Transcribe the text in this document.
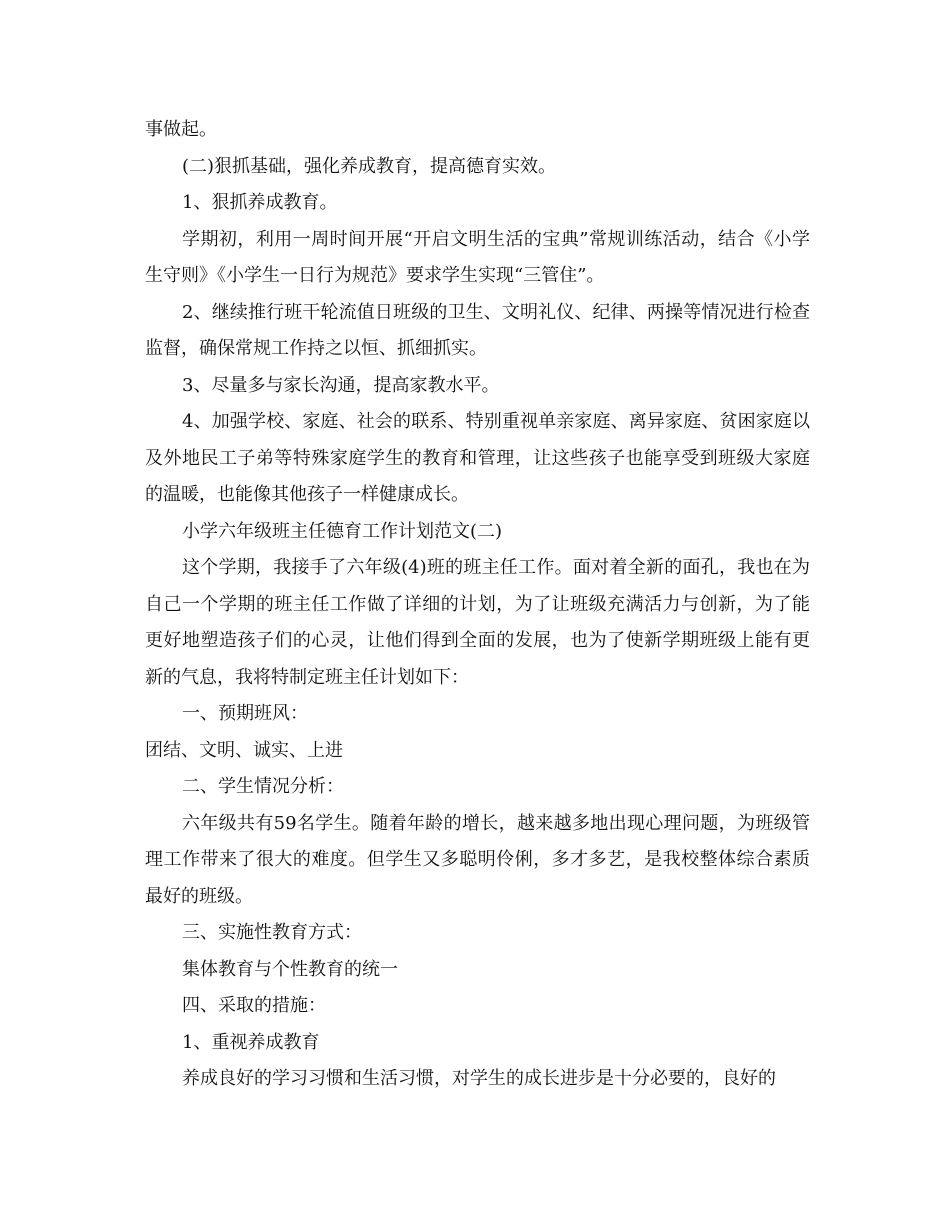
事做起。

(二)狠抓基础，强化养成教育，提高德育实效。

1、狠抓养成教育。

学期初，利用一周时间开展“开启文明生活的宝典”常规训练活动，结合《小学生守则》《小学生一日行为规范》要求学生实现“三管住”。

2、继续推行班干轮流值日班级的卫生、文明礼仪、纪律、两操等情况进行检查监督，确保常规工作持之以恒、抓细抓实。

3、尽量多与家长沟通，提高家教水平。

4、加强学校、家庭、社会的联系、特别重视单亲家庭、离异家庭、贫困家庭以及外地民工子弟等特殊家庭学生的教育和管理，让这些孩子也能享受到班级大家庭的温暖，也能像其他孩子一样健康成长。

小学六年级班主任德育工作计划范文(二)

这个学期，我接手了六年级(4)班的班主任工作。面对着全新的面孔，我也在为自己一个学期的班主任工作做了详细的计划，为了让班级充满活力与创新，为了能更好地塑造孩子们的心灵，让他们得到全面的发展，也为了使新学期班级上能有更新的气息，我将特制定班主任计划如下：

一、预期班风：

团结、文明、诚实、上进

二、学生情况分析：

六年级共有59名学生。随着年龄的增长，越来越多地出现心理问题，为班级管理工作带来了很大的难度。但学生又多聪明伶俐，多才多艺，是我校整体综合素质最好的班级。

三、实施性教育方式：

集体教育与个性教育的统一

四、采取的措施：

1、重视养成教育

养成良好的学习习惯和生活习惯，对学生的成长进步是十分必要的，良好的
